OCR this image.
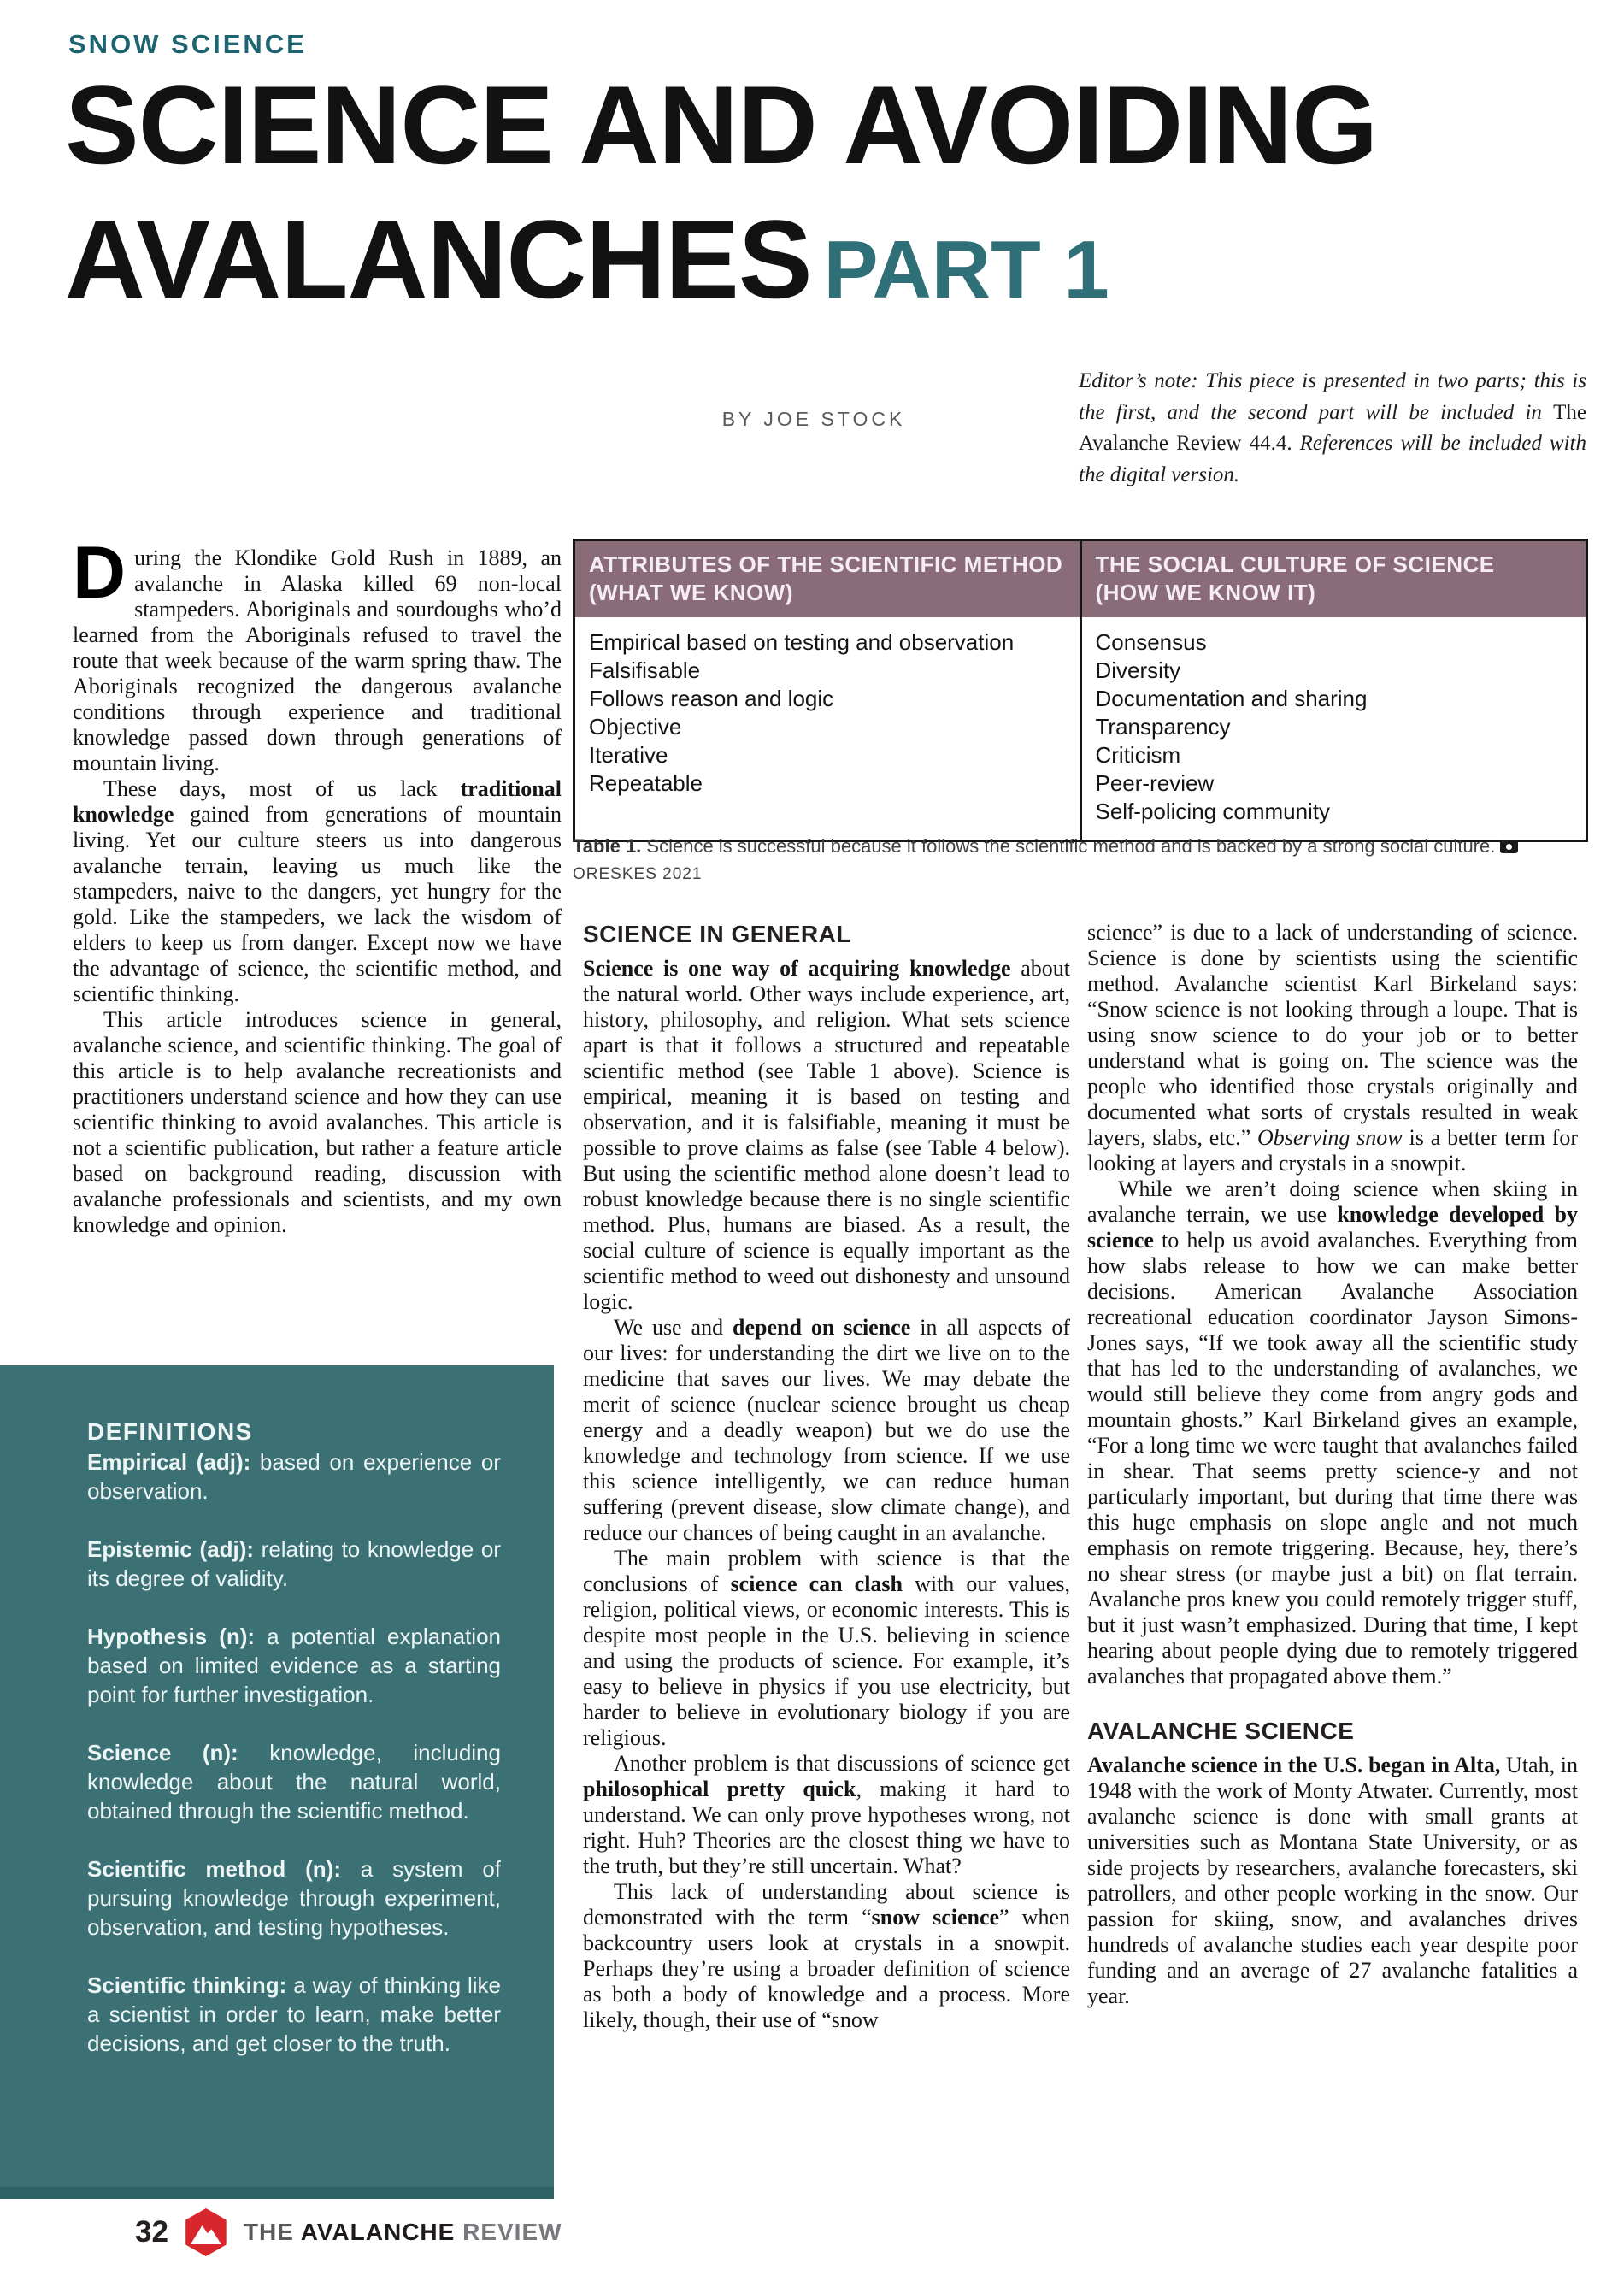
SNOW SCIENCE
SCIENCE AND AVOIDING
AVALANCHES PART 1
BY JOE STOCK
Editor’s note: This piece is presented in two parts; this is the first, and the second part will be included in The Avalanche Review 44.4. References will be included with the digital version.
ATTRIBUTES OF THE SCIENTIFIC METHOD
(WHAT WE KNOW)
Empirical based on testing and observation
Falsifisable
Follows reason and logic
Objective
Iterative
Repeatable
THE SOCIAL CULTURE OF SCIENCE
(HOW WE KNOW IT)
Consensus
Diversity
Documentation and sharing
Transparency
Criticism
Peer-review
Self-policing community
Table 1. Science is successful because it follows the scientific method and is backed by a strong social culture.ORESKES 2021

During the Klondike Gold Rush in 1889, an avalanche in Alaska killed 69 non-local stampeders. Aboriginals and sourdoughs who’d learned from the Aboriginals refused to travel the route that week because of the warm spring thaw. The Aboriginals recognized the dangerous avalanche conditions through experience and traditional knowledge passed down through generations of mountain living.

These days, most of us lack traditional knowledge gained from generations of mountain living. Yet our culture steers us into dangerous avalanche terrain, leaving us much like the stampeders, naive to the dangers, yet hungry for the gold. Like the stampeders, we lack the wisdom of elders to keep us from danger. Except now we have the advantage of science, the scientific method, and scientific thinking.

This article introduces science in general, avalanche science, and scientific thinking. The goal of this article is to help avalanche recreationists and practitioners understand science and how they can use scientific thinking to avoid avalanches. This article is not a scientific publication, but rather a feature article based on background reading, discussion with avalanche professionals and scientists, and my own knowledge and opinion.

SCIENCE IN GENERAL

Science is one way of acquiring knowledge about the natural world. Other ways include experience, art, history, philosophy, and religion. What sets science apart is that it follows a structured and repeatable scientific method (see Table 1 above). Science is empirical, meaning it is based on testing and observation, and it is falsifiable, meaning it must be possible to prove claims as false (see Table 4 below). But using the scientific method alone doesn’t lead to robust knowledge because there is no single scientific method. Plus, humans are biased. As a result, the social culture of science is equally important as the scientific method to weed out dishonesty and unsound logic.

We use and depend on science in all aspects of our lives: for understanding the dirt we live on to the medicine that saves our lives. We may debate the merit of science (nuclear science brought us cheap energy and a deadly weapon) but we do use the knowledge and technology from science. If we use this science intelligently, we can reduce human suffering (prevent disease, slow climate change), and reduce our chances of being caught in an avalanche.

The main problem with science is that the conclusions of science can clash with our values, religion, political views, or economic interests. This is despite most people in the U.S. believing in science and using the products of science. For example, it’s easy to believe in physics if you use electricity, but harder to believe in evolutionary biology if you are religious.

Another problem is that discussions of science get philosophical pretty quick, making it hard to understand. We can only prove hypotheses wrong, not right. Huh? Theories are the closest thing we have to the truth, but they’re still uncertain. What?

This lack of understanding about science is demonstrated with the term “snow science” when backcountry users look at crystals in a snowpit. Perhaps they’re using a broader definition of science as both a body of knowledge and a process. More likely, though, their use of “snow

science” is due to a lack of understanding of science. Science is done by scientists using the scientific method. Avalanche scientist Karl Birkeland says: “Snow science is not looking through a loupe. That is using snow science to do your job or to better understand what is going on. The science was the people who identified those crystals originally and documented what sorts of crystals resulted in weak layers, slabs, etc.” Observing snow is a better term for looking at layers and crystals in a snowpit.

While we aren’t doing science when skiing in avalanche terrain, we use knowledge developed by science to help us avoid avalanches. Everything from how slabs release to how we can make better decisions. American Avalanche Association recreational education coordinator Jayson Simons-Jones says, “If we took away all the scientific study that has led to the understanding of avalanches, we would still believe they come from angry gods and mountain ghosts.” Karl Birkeland gives an example, “For a long time we were taught that avalanches failed in shear. That seems pretty science-y and not particularly important, but during that time there was this huge emphasis on slope angle and not much emphasis on remote triggering. Because, hey, there’s no shear stress (or maybe just a bit) on flat terrain. Avalanche pros knew you could remotely trigger stuff, but it just wasn’t emphasized. During that time, I kept hearing about people dying due to remotely triggered avalanches that propagated above them.”

AVALANCHE SCIENCE

Avalanche science in the U.S. began in Alta, Utah, in 1948 with the work of Monty Atwater. Currently, most avalanche science is done with small grants at universities such as Montana State University, or as side projects by researchers, avalanche forecasters, ski patrollers, and other people working in the snow. Our passion for skiing, snow, and avalanches drives hundreds of avalanche studies each year despite poor funding and an average of 27 avalanche fatalities a year.

DEFINITIONS

Empirical (adj): based on experience or observation.

Epistemic (adj): relating to knowledge or its degree of validity.

Hypothesis (n): a potential explanation based on limited evidence as a starting point for further investigation.

Science (n): knowledge, including knowledge about the natural world, obtained through the scientific method.

Scientific method (n): a system of pursuing knowledge through experiment, observation, and testing hypotheses.

Scientific thinking: a way of thinking like a scientist in order to learn, make better decisions, and get closer to the truth.

32	THE AVALANCHE REVIEW
